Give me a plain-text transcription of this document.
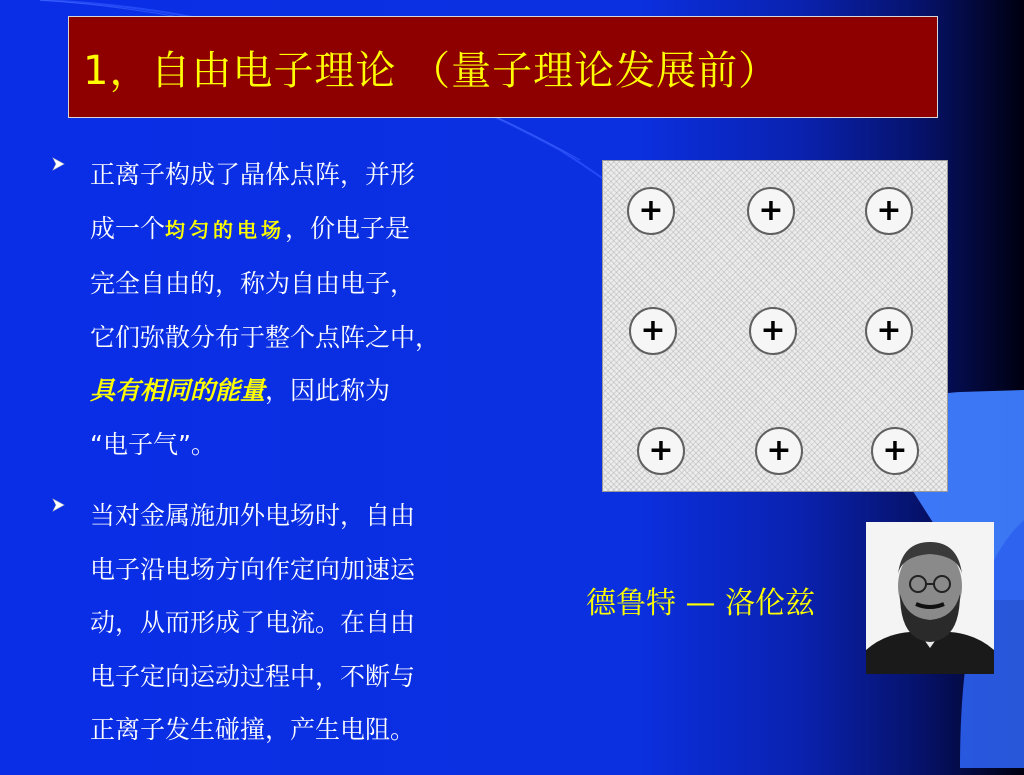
1，自由电子理论 （量子理论发展前）
正离子构成了晶体点阵，并形
成一个均匀的电场，价电子是
完全自由的，称为自由电子，
它们弥散分布于整个点阵之中，
具有相同的能量，因此称为
“电子气”。
当对金属施加外电场时，自由
电子沿电场方向作定向加速运
动，从而形成了电流。在自由
电子定向运动过程中，不断与
正离子发生碰撞，产生电阻。
+	+	+
+	+	+
+	+	+
德鲁特 — 洛伦兹
